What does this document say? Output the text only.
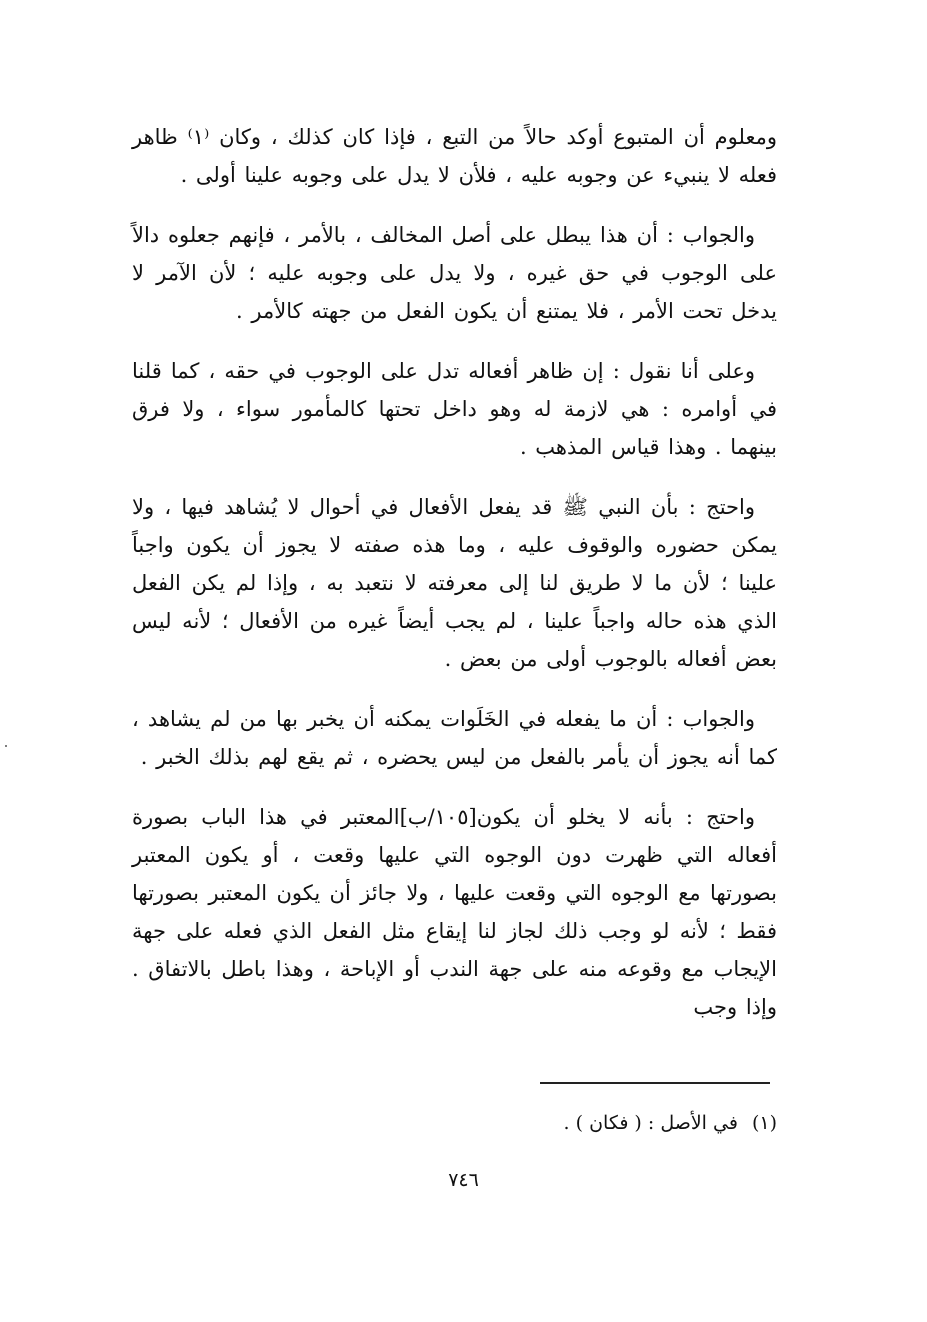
ومعلوم أن المتبوع أوكد حالاً من التبع ، فإذا كان كذلك ، وكان ⁽١⁾ ظاهر فعله لا ينبيء عن وجوبه عليه ، فلأن لا يدل على وجوبه علينا أولى .

والجواب : أن هذا يبطل على أصل المخالف ، بالأمر ، فإنهم جعلوه دالاً على الوجوب في حق غيره ، ولا يدل على وجوبه عليه ؛ لأن الآمر لا يدخل تحت الأمر ، فلا يمتنع أن يكون الفعل من جهته كالأمر .

وعلى أنا نقول : إن ظاهر أفعاله تدل على الوجوب في حقه ، كما قلنا في أوامره : هي لازمة له وهو داخل تحتها كالمأمور سواء ، ولا فرق بينهما . وهذا قياس المذهب .

واحتج : بأن النبي ﷺ قد يفعل الأفعال في أحوال لا يُشاهد فيها ، ولا يمكن حضوره والوقوف عليه ، وما هذه صفته لا يجوز أن يكون واجباً علينا ؛ لأن ما لا طريق لنا إلى معرفته لا نتعبد به ، وإذا لم يكن الفعل الذي هذه حاله واجباً علينا ، لم يجب أيضاً غيره من الأفعال ؛ لأنه ليس بعض أفعاله بالوجوب أولى من بعض .

والجواب : أن ما يفعله في الخَلَوات يمكنه أن يخبر بها من لم يشاهد ، كما أنه يجوز أن يأمر بالفعل من ليس يحضره ، ثم يقع لهم بذلك الخبر .

واحتج : بأنه لا يخلو أن يكون[١٠٥/ب]المعتبر في هذا الباب بصورة أفعاله التي ظهرت دون الوجوه التي عليها وقعت ، أو يكون المعتبر بصورتها مع الوجوه التي وقعت عليها ، ولا جائز أن يكون المعتبر بصورتها فقط ؛ لأنه لو وجب ذلك لجاز لنا إيقاع مثل الفعل الذي فعله على جهة الإيجاب مع وقوعه منه على جهة الندب أو الإباحة ، وهذا باطل بالاتفاق . وإذا وجب

(١)في الأصل : ( فكان ) .
٧٤٦
